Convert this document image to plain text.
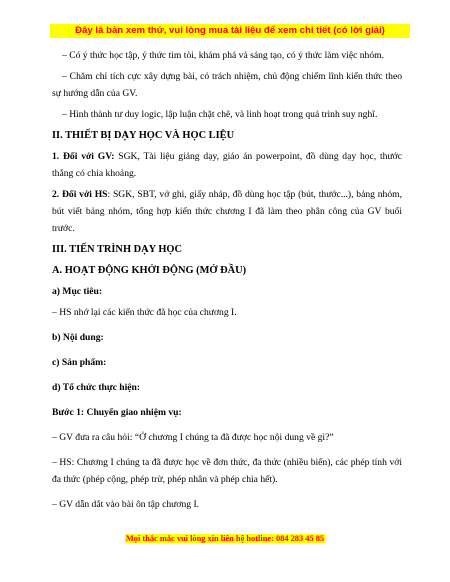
Đây là bản xem thử, vui lòng mua tài liệu để xem chi tiết (có lời giải)

– Có ý thức học tập, ý thức tìm tòi, khám phá và sáng tạo, có ý thức làm việc nhóm.

– Chăm chỉ tích cực xây dựng bài, có trách nhiệm, chủ động chiếm lĩnh kiến thức theo sự hướng dẫn của GV.

– Hình thành tư duy logic, lập luận chặt chẽ, và linh hoạt trong quá trình suy nghĩ.

II. THIẾT BỊ DẠY HỌC VÀ HỌC LIỆU

1. Đối với GV: SGK, Tài liệu giảng dạy, giáo án powerpoint, đồ dùng dạy học, thước thẳng có chia khoảng.

2. Đối với HS: SGK, SBT, vở ghi, giấy nháp, đồ dùng học tập (bút, thước...), bảng nhóm, bút viết bảng nhóm, tổng hợp kiến thức chương I đã làm theo phân công của GV buổi trước.

III. TIẾN TRÌNH DẠY HỌC

A. HOẠT ĐỘNG KHỞI ĐỘNG (MỞ ĐẦU)

a) Mục tiêu:

– HS nhớ lại các kiến thức đã học của chương I.

b) Nội dung:

c) Sản phẩm:

d) Tổ chức thực hiện:

Bước 1: Chuyển giao nhiệm vụ:

– GV đưa ra câu hỏi: “Ở chương I chúng ta đã được học nội dung về gì?”

– HS: Chương I chúng ta đã được học về đơn thức, đa thức (nhiều biến), các phép tính với đa thức (phép cộng, phép trừ, phép nhân và phép chia hết).

– GV dẫn dắt vào bài ôn tập chương I.

Mọi thắc mắc vui lòng xin liên hệ hotline: 084 283 45 85
